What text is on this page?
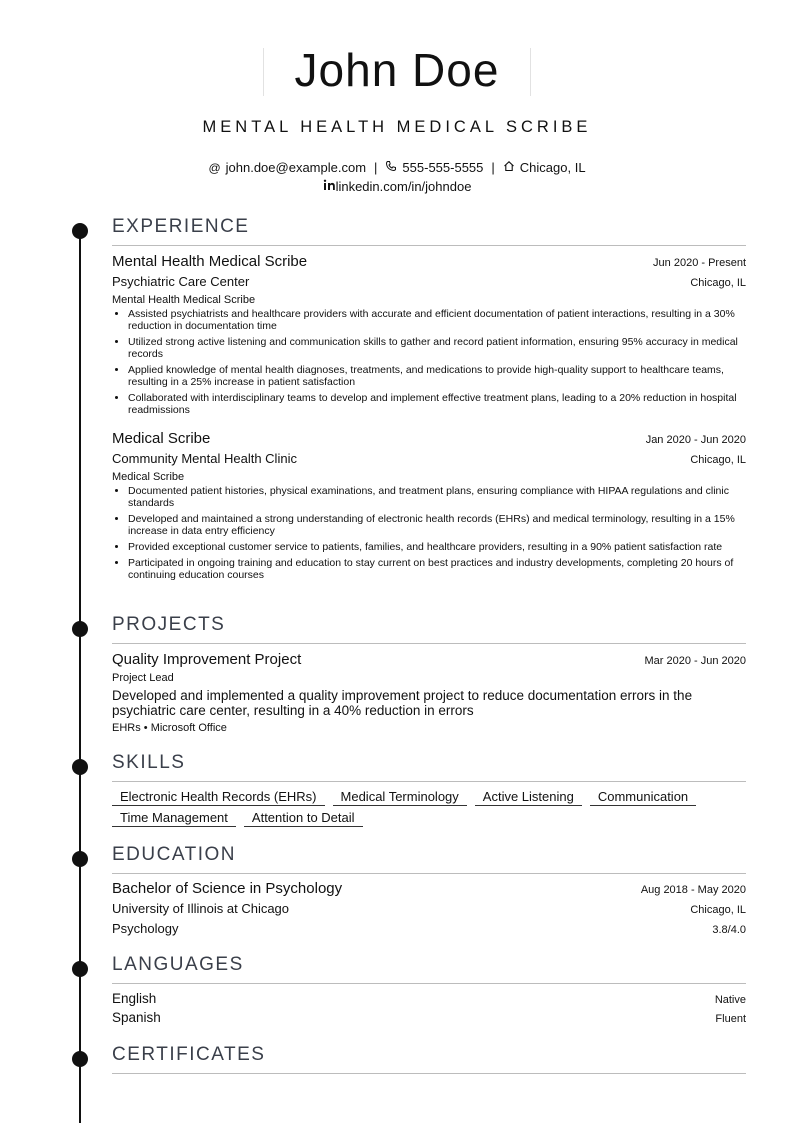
John Doe
MENTAL HEALTH MEDICAL SCRIBE
@ john.doe@example.com | 555-555-5555 | Chicago, IL
linkedin.com/in/johndoe
EXPERIENCE
Mental Health Medical Scribe	Jun 2020 - Present
Psychiatric Care Center	Chicago, IL
Mental Health Medical Scribe
• Assisted psychiatrists and healthcare providers with accurate and efficient documentation of patient interactions, resulting in a 30% reduction in documentation time
• Utilized strong active listening and communication skills to gather and record patient information, ensuring 95% accuracy in medical records
• Applied knowledge of mental health diagnoses, treatments, and medications to provide high-quality support to healthcare teams, resulting in a 25% increase in patient satisfaction
• Collaborated with interdisciplinary teams to develop and implement effective treatment plans, leading to a 20% reduction in hospital readmissions
Medical Scribe	Jan 2020 - Jun 2020
Community Mental Health Clinic	Chicago, IL
Medical Scribe
• Documented patient histories, physical examinations, and treatment plans, ensuring compliance with HIPAA regulations and clinic standards
• Developed and maintained a strong understanding of electronic health records (EHRs) and medical terminology, resulting in a 15% increase in data entry efficiency
• Provided exceptional customer service to patients, families, and healthcare providers, resulting in a 90% patient satisfaction rate
• Participated in ongoing training and education to stay current on best practices and industry developments, completing 20 hours of continuing education courses
PROJECTS
Quality Improvement Project	Mar 2020 - Jun 2020
Project Lead
Developed and implemented a quality improvement project to reduce documentation errors in the psychiatric care center, resulting in a 40% reduction in errors
EHRs • Microsoft Office
SKILLS
Electronic Health Records (EHRs)	Medical Terminology	Active Listening	Communication
Time Management	Attention to Detail
EDUCATION
Bachelor of Science in Psychology	Aug 2018 - May 2020
University of Illinois at Chicago	Chicago, IL
Psychology	3.8/4.0
LANGUAGES
English	Native
Spanish	Fluent
CERTIFICATES
